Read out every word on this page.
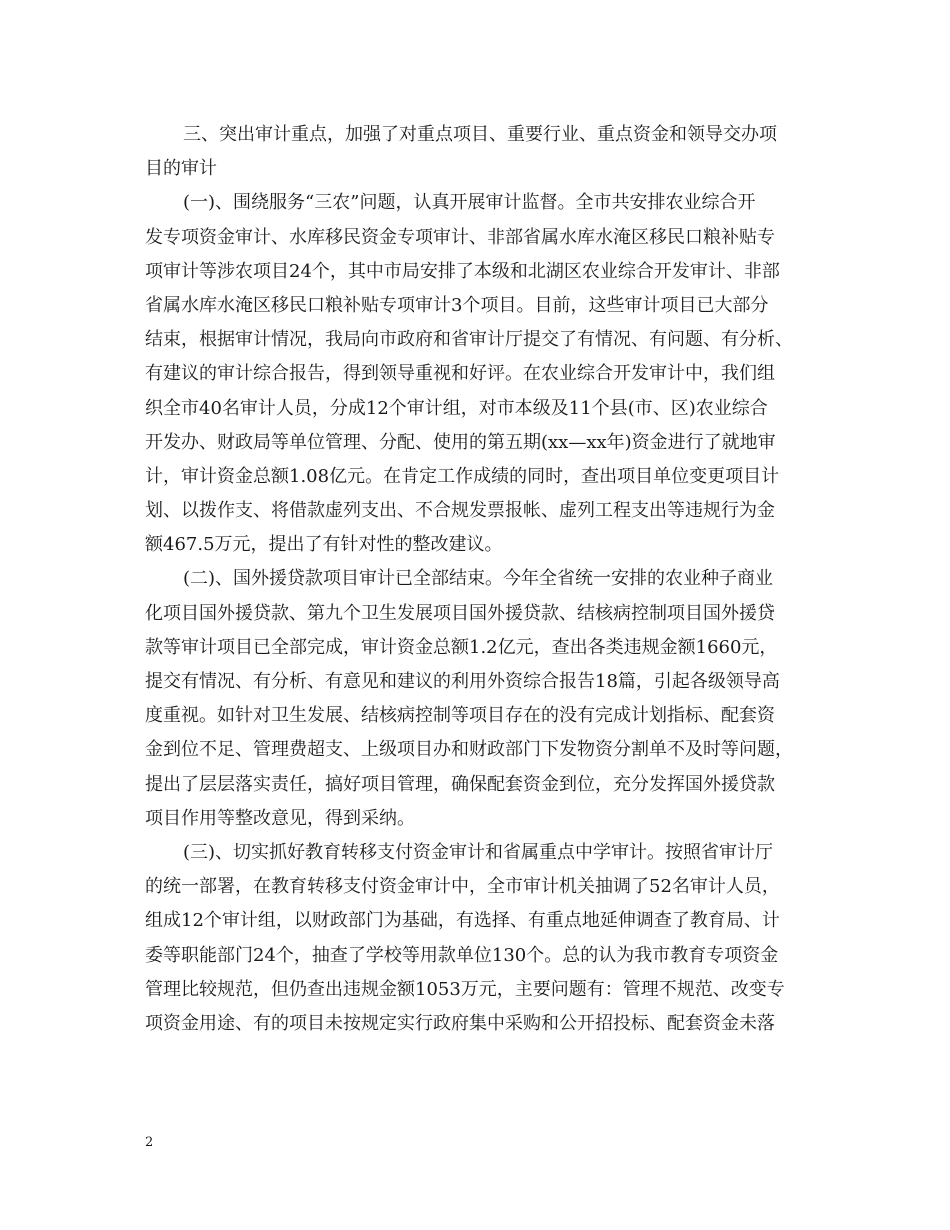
三、突出审计重点，加强了对重点项目、重要行业、重点资金和领导交办项
目的审计
(一)、围绕服务“三农”问题，认真开展审计监督。全市共安排农业综合开
发专项资金审计、水库移民资金专项审计、非部省属水库水淹区移民口粮补贴专
项审计等涉农项目24个，其中市局安排了本级和北湖区农业综合开发审计、非部
省属水库水淹区移民口粮补贴专项审计3个项目。目前，这些审计项目已大部分
结束，根据审计情况，我局向市政府和省审计厅提交了有情况、有问题、有分析、
有建议的审计综合报告，得到领导重视和好评。在农业综合开发审计中，我们组
织全市40名审计人员，分成12个审计组，对市本级及11个县(市、区)农业综合
开发办、财政局等单位管理、分配、使用的第五期(xx—xx年)资金进行了就地审
计，审计资金总额1.08亿元。在肯定工作成绩的同时，查出项目单位变更项目计
划、以拨作支、将借款虚列支出、不合规发票报帐、虚列工程支出等违规行为金
额467.5万元，提出了有针对性的整改建议。
(二)、国外援贷款项目审计已全部结束。今年全省统一安排的农业种子商业
化项目国外援贷款、第九个卫生发展项目国外援贷款、结核病控制项目国外援贷
款等审计项目已全部完成，审计资金总额1.2亿元，查出各类违规金额1660元，
提交有情况、有分析、有意见和建议的利用外资综合报告18篇，引起各级领导高
度重视。如针对卫生发展、结核病控制等项目存在的没有完成计划指标、配套资
金到位不足、管理费超支、上级项目办和财政部门下发物资分割单不及时等问题，
提出了层层落实责任，搞好项目管理，确保配套资金到位，充分发挥国外援贷款
项目作用等整改意见，得到采纳。
(三)、切实抓好教育转移支付资金审计和省属重点中学审计。按照省审计厅
的统一部署，在教育转移支付资金审计中，全市审计机关抽调了52名审计人员，
组成12个审计组，以财政部门为基础，有选择、有重点地延伸调查了教育局、计
委等职能部门24个，抽查了学校等用款单位130个。总的认为我市教育专项资金
管理比较规范，但仍查出违规金额1053万元，主要问题有：管理不规范、改变专
项资金用途、有的项目未按规定实行政府集中采购和公开招投标、配套资金未落
2
